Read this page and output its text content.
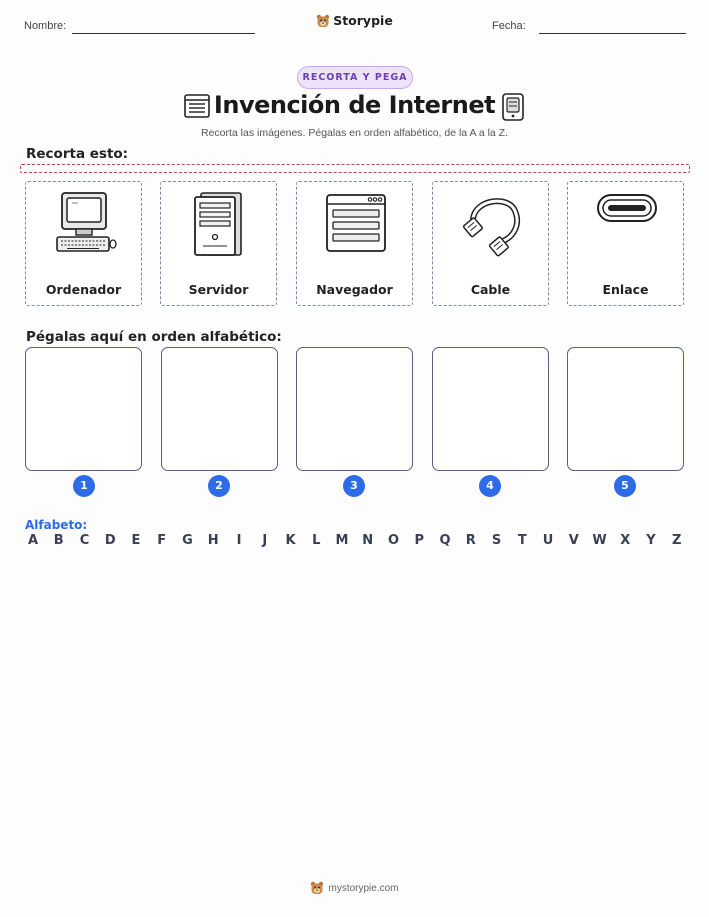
Nombre:	Storypie	Fecha:
RECORTA Y PEGA
Invención de Internet
Recorta las imágenes. Pégalas en orden alfabético, de la A a la Z.
Recorta esto:
Ordenador	Servidor	Navegador	Cable	Enlace
Pégalas aquí en orden alfabético:
1	2	3	4	5
Alfabeto:
A B C D E F G H	I	J	K L M N O P Q R S T U V W X Y Z
mystorypie.com
